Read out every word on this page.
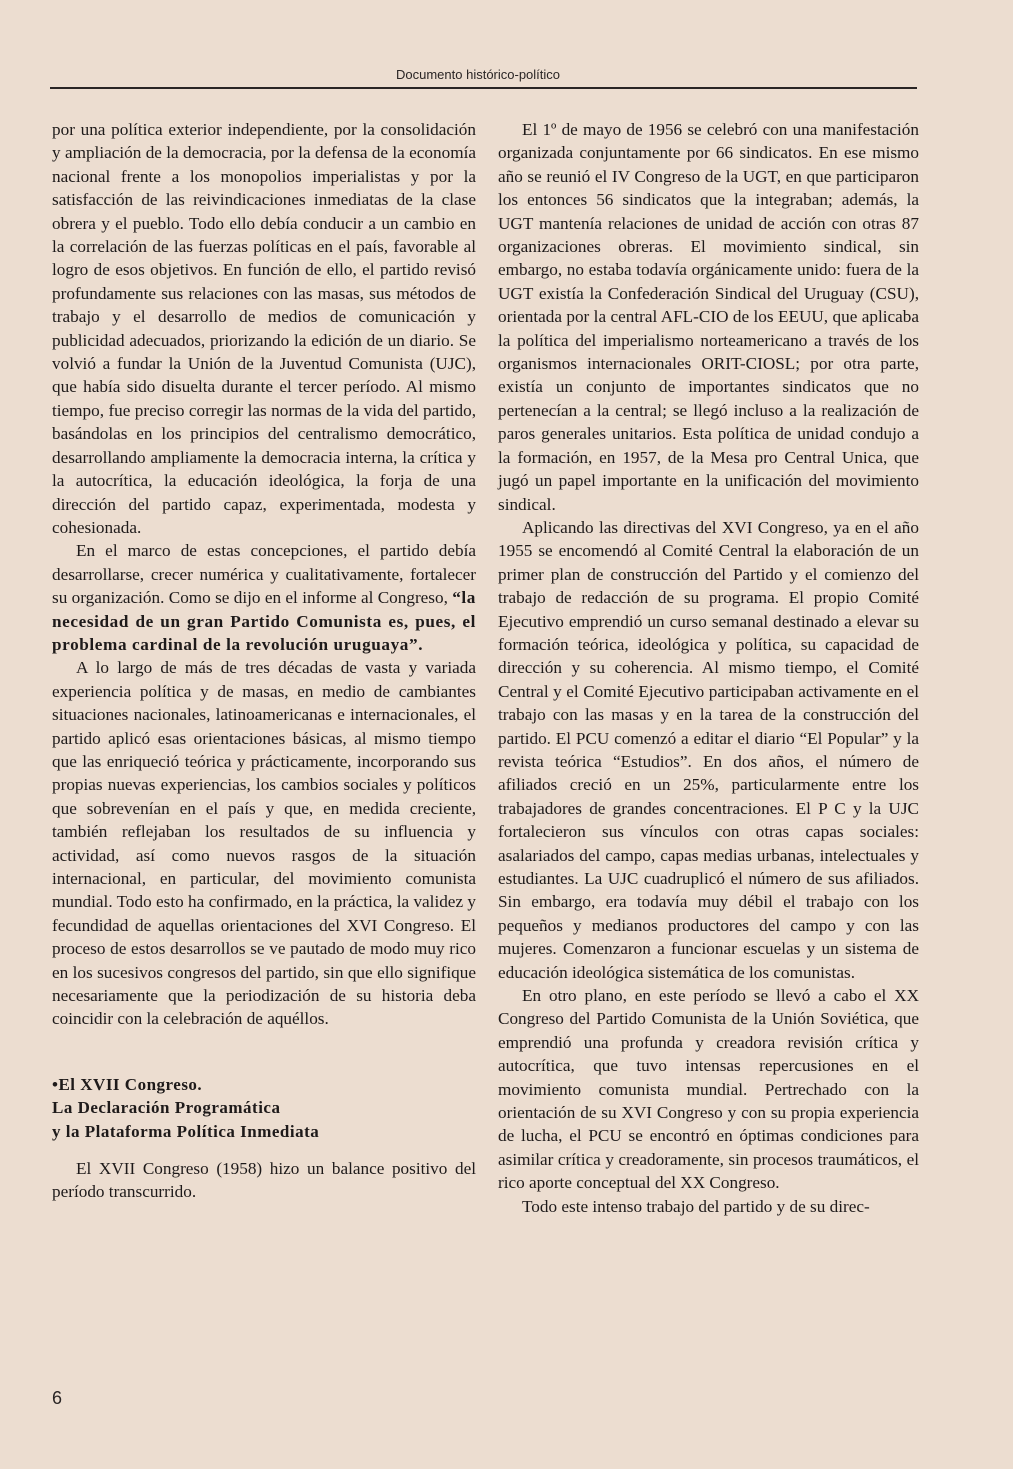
Documento histórico-político

por una política exterior independiente, por la consolidación y ampliación de la democracia, por la defensa de la economía nacional frente a los monopolios imperialistas y por la satisfacción de las reivindicaciones inmediatas de la clase obrera y el pueblo. Todo ello debía conducir a un cambio en la correlación de las fuerzas políticas en el país, favorable al logro de esos objetivos. En función de ello, el partido revisó profundamente sus relaciones con las masas, sus métodos de trabajo y el desarrollo de medios de comunicación y publicidad adecuados, priorizando la edición de un diario. Se volvió a fundar la Unión de la Juventud Comunista (UJC), que había sido disuelta durante el tercer período. Al mismo tiempo, fue preciso corregir las normas de la vida del partido, basándolas en los principios del centralismo democrático, desarrollando ampliamente la democracia interna, la crítica y la autocrítica, la educación ideológica, la forja de una dirección del partido capaz, experimentada, modesta y cohesionada.

En el marco de estas concepciones, el partido debía desarrollarse, crecer numérica y cualitativamente, fortalecer su organización. Como se dijo en el informe al Congreso, “la necesidad de un gran Partido Comunista es, pues, el problema cardinal de la revolución uruguaya”.

A lo largo de más de tres décadas de vasta y variada experiencia política y de masas, en medio de cambiantes situaciones nacionales, latinoamericanas e internacionales, el partido aplicó esas orientaciones básicas, al mismo tiempo que las enriqueció teórica y prácticamente, incorporando sus propias nuevas experiencias, los cambios sociales y políticos que sobrevenían en el país y que, en medida creciente, también reflejaban los resultados de su influencia y actividad, así como nuevos rasgos de la situación internacional, en particular, del movimiento comunista mundial. Todo esto ha confirmado, en la práctica, la validez y fecundidad de aquellas orientaciones del XVI Congreso. El proceso de estos desarrollos se ve pautado de modo muy rico en los sucesivos congresos del partido, sin que ello signifique necesariamente que la periodización de su historia deba coincidir con la celebración de aquéllos.

•El XVII Congreso.
La Declaración Programática
y la Plataforma Política Inmediata

El XVII Congreso (1958) hizo un balance positivo del período transcurrido.

El 1º de mayo de 1956 se celebró con una manifestación organizada conjuntamente por 66 sindicatos. En ese mismo año se reunió el IV Congreso de la UGT, en que participaron los entonces 56 sindicatos que la integraban; además, la UGT mantenía relaciones de unidad de acción con otras 87 organizaciones obreras. El movimiento sindical, sin embargo, no estaba todavía orgánicamente unido: fuera de la UGT existía la Confederación Sindical del Uruguay (CSU), orientada por la central AFL-CIO de los EEUU, que aplicaba la política del imperialismo norteamericano a través de los organismos internacionales ORIT-CIOSL; por otra parte, existía un conjunto de importantes sindicatos que no pertenecían a la central; se llegó incluso a la realización de paros generales unitarios. Esta política de unidad condujo a la formación, en 1957, de la Mesa pro Central Unica, que jugó un papel importante en la unificación del movimiento sindical.

Aplicando las directivas del XVI Congreso, ya en el año 1955 se encomendó al Comité Central la elaboración de un primer plan de construcción del Partido y el comienzo del trabajo de redacción de su programa. El propio Comité Ejecutivo emprendió un curso semanal destinado a elevar su formación teórica, ideológica y política, su capacidad de dirección y su coherencia. Al mismo tiempo, el Comité Central y el Comité Ejecutivo participaban activamente en el trabajo con las masas y en la tarea de la construcción del partido. El PCU comenzó a editar el diario “El Popular” y la revista teórica “Estudios”. En dos años, el número de afiliados creció en un 25%, particularmente entre los trabajadores de grandes concentraciones. El P C y la UJC fortalecieron sus vínculos con otras capas sociales: asalariados del campo, capas medias urbanas, intelectuales y estudiantes. La UJC cuadruplicó el número de sus afiliados. Sin embargo, era todavía muy débil el trabajo con los pequeños y medianos productores del campo y con las mujeres. Comenzaron a funcionar escuelas y un sistema de educación ideológica sistemática de los comunistas.

En otro plano, en este período se llevó a cabo el XX Congreso del Partido Comunista de la Unión Soviética, que emprendió una profunda y creadora revisión crítica y autocrítica, que tuvo intensas repercusiones en el movimiento comunista mundial. Pertrechado con la orientación de su XVI Congreso y con su propia experiencia de lucha, el PCU se encontró en óptimas condiciones para asimilar crítica y creadoramente, sin procesos traumáticos, el rico aporte conceptual del XX Congreso.

Todo este intenso trabajo del partido y de su direc-

6
